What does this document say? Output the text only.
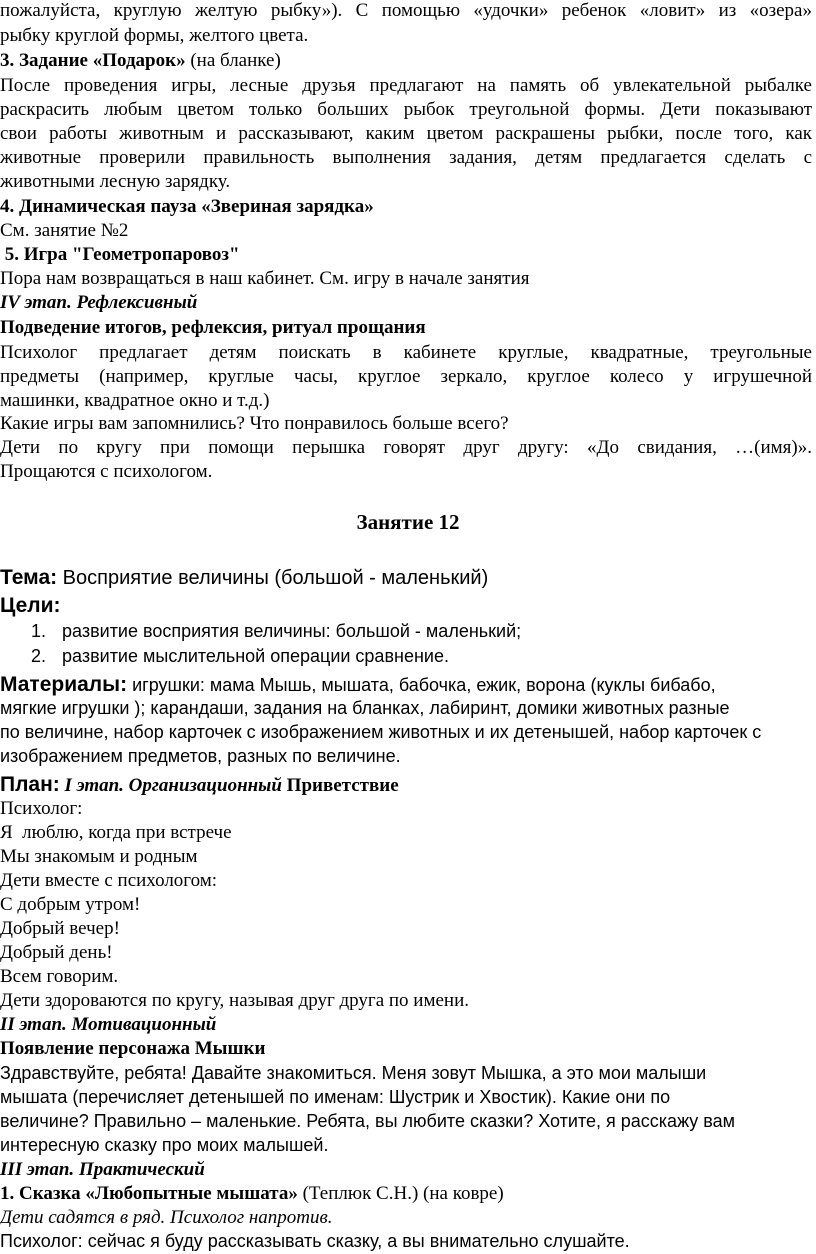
пожалуйста, круглую желтую рыбку»). С помощью «удочки» ребенок «ловит» из «озера»
рыбку круглой формы, желтого цвета.
3. Задание «Подарок» (на бланке)
После проведения игры, лесные друзья предлагают на память об увлекательной рыбалке
раскрасить любым цветом только больших рыбок треугольной формы. Дети показывают
свои работы животным и рассказывают, каким цветом раскрашены рыбки, после того, как
животные проверили правильность выполнения задания, детям предлагается сделать с
животными лесную зарядку.
4. Динамическая пауза «Звериная зарядка»
См. занятие №2
5. Игра "Геометропаровоз"
Пора нам возвращаться в наш кабинет. См. игру в начале занятия
IV этап. Рефлексивный
Подведение итогов, рефлексия, ритуал прощания
Психолог предлагает детям поискать в кабинете круглые, квадратные, треугольные
предметы (например, круглые часы, круглое зеркало, круглое колесо у игрушечной
машинки, квадратное окно и т.д.)
Какие игры вам запомнились? Что понравилось больше всего?
Дети по кругу при помощи перышка говорят друг другу: «До свидания, …(имя)».
Прощаются с психологом.
Занятие 12
Тема: Восприятие величины (большой - маленький)
Цели:
1. развитие восприятия величины: большой - маленький;
2. развитие мыслительной операции сравнение.
Материалы: игрушки: мама Мышь, мышата, бабочка, ежик, ворона (куклы бибабо,
мягкие игрушки ); карандаши, задания на бланках, лабиринт, домики животных разные
по величине, набор карточек с изображением животных и их детенышей, набор карточек с
изображением предметов, разных по величине.
План: I этап. Организационный Приветствие
Психолог:
Я  люблю, когда при встрече
Мы знакомым и родным
Дети вместе с психологом:
С добрым утром!
Добрый вечер!
Добрый день!
Всем говорим.
Дети здороваются по кругу, называя друг друга по имени.
II этап. Мотивационный
Появление персонажа Мышки
Здравствуйте, ребята! Давайте знакомиться. Меня зовут Мышка, а это мои малыши
мышата (перечисляет детенышей по именам: Шустрик и Хвостик). Какие они по
величине? Правильно – маленькие. Ребята, вы любите сказки? Хотите, я расскажу вам
интересную сказку про моих малышей.
III этап. Практический
1. Сказка «Любопытные мышата» (Теплюк С.Н.) (на ковре)
Дети садятся в ряд. Психолог напротив.
Психолог: сейчас я буду рассказывать сказку, а вы внимательно слушайте.
